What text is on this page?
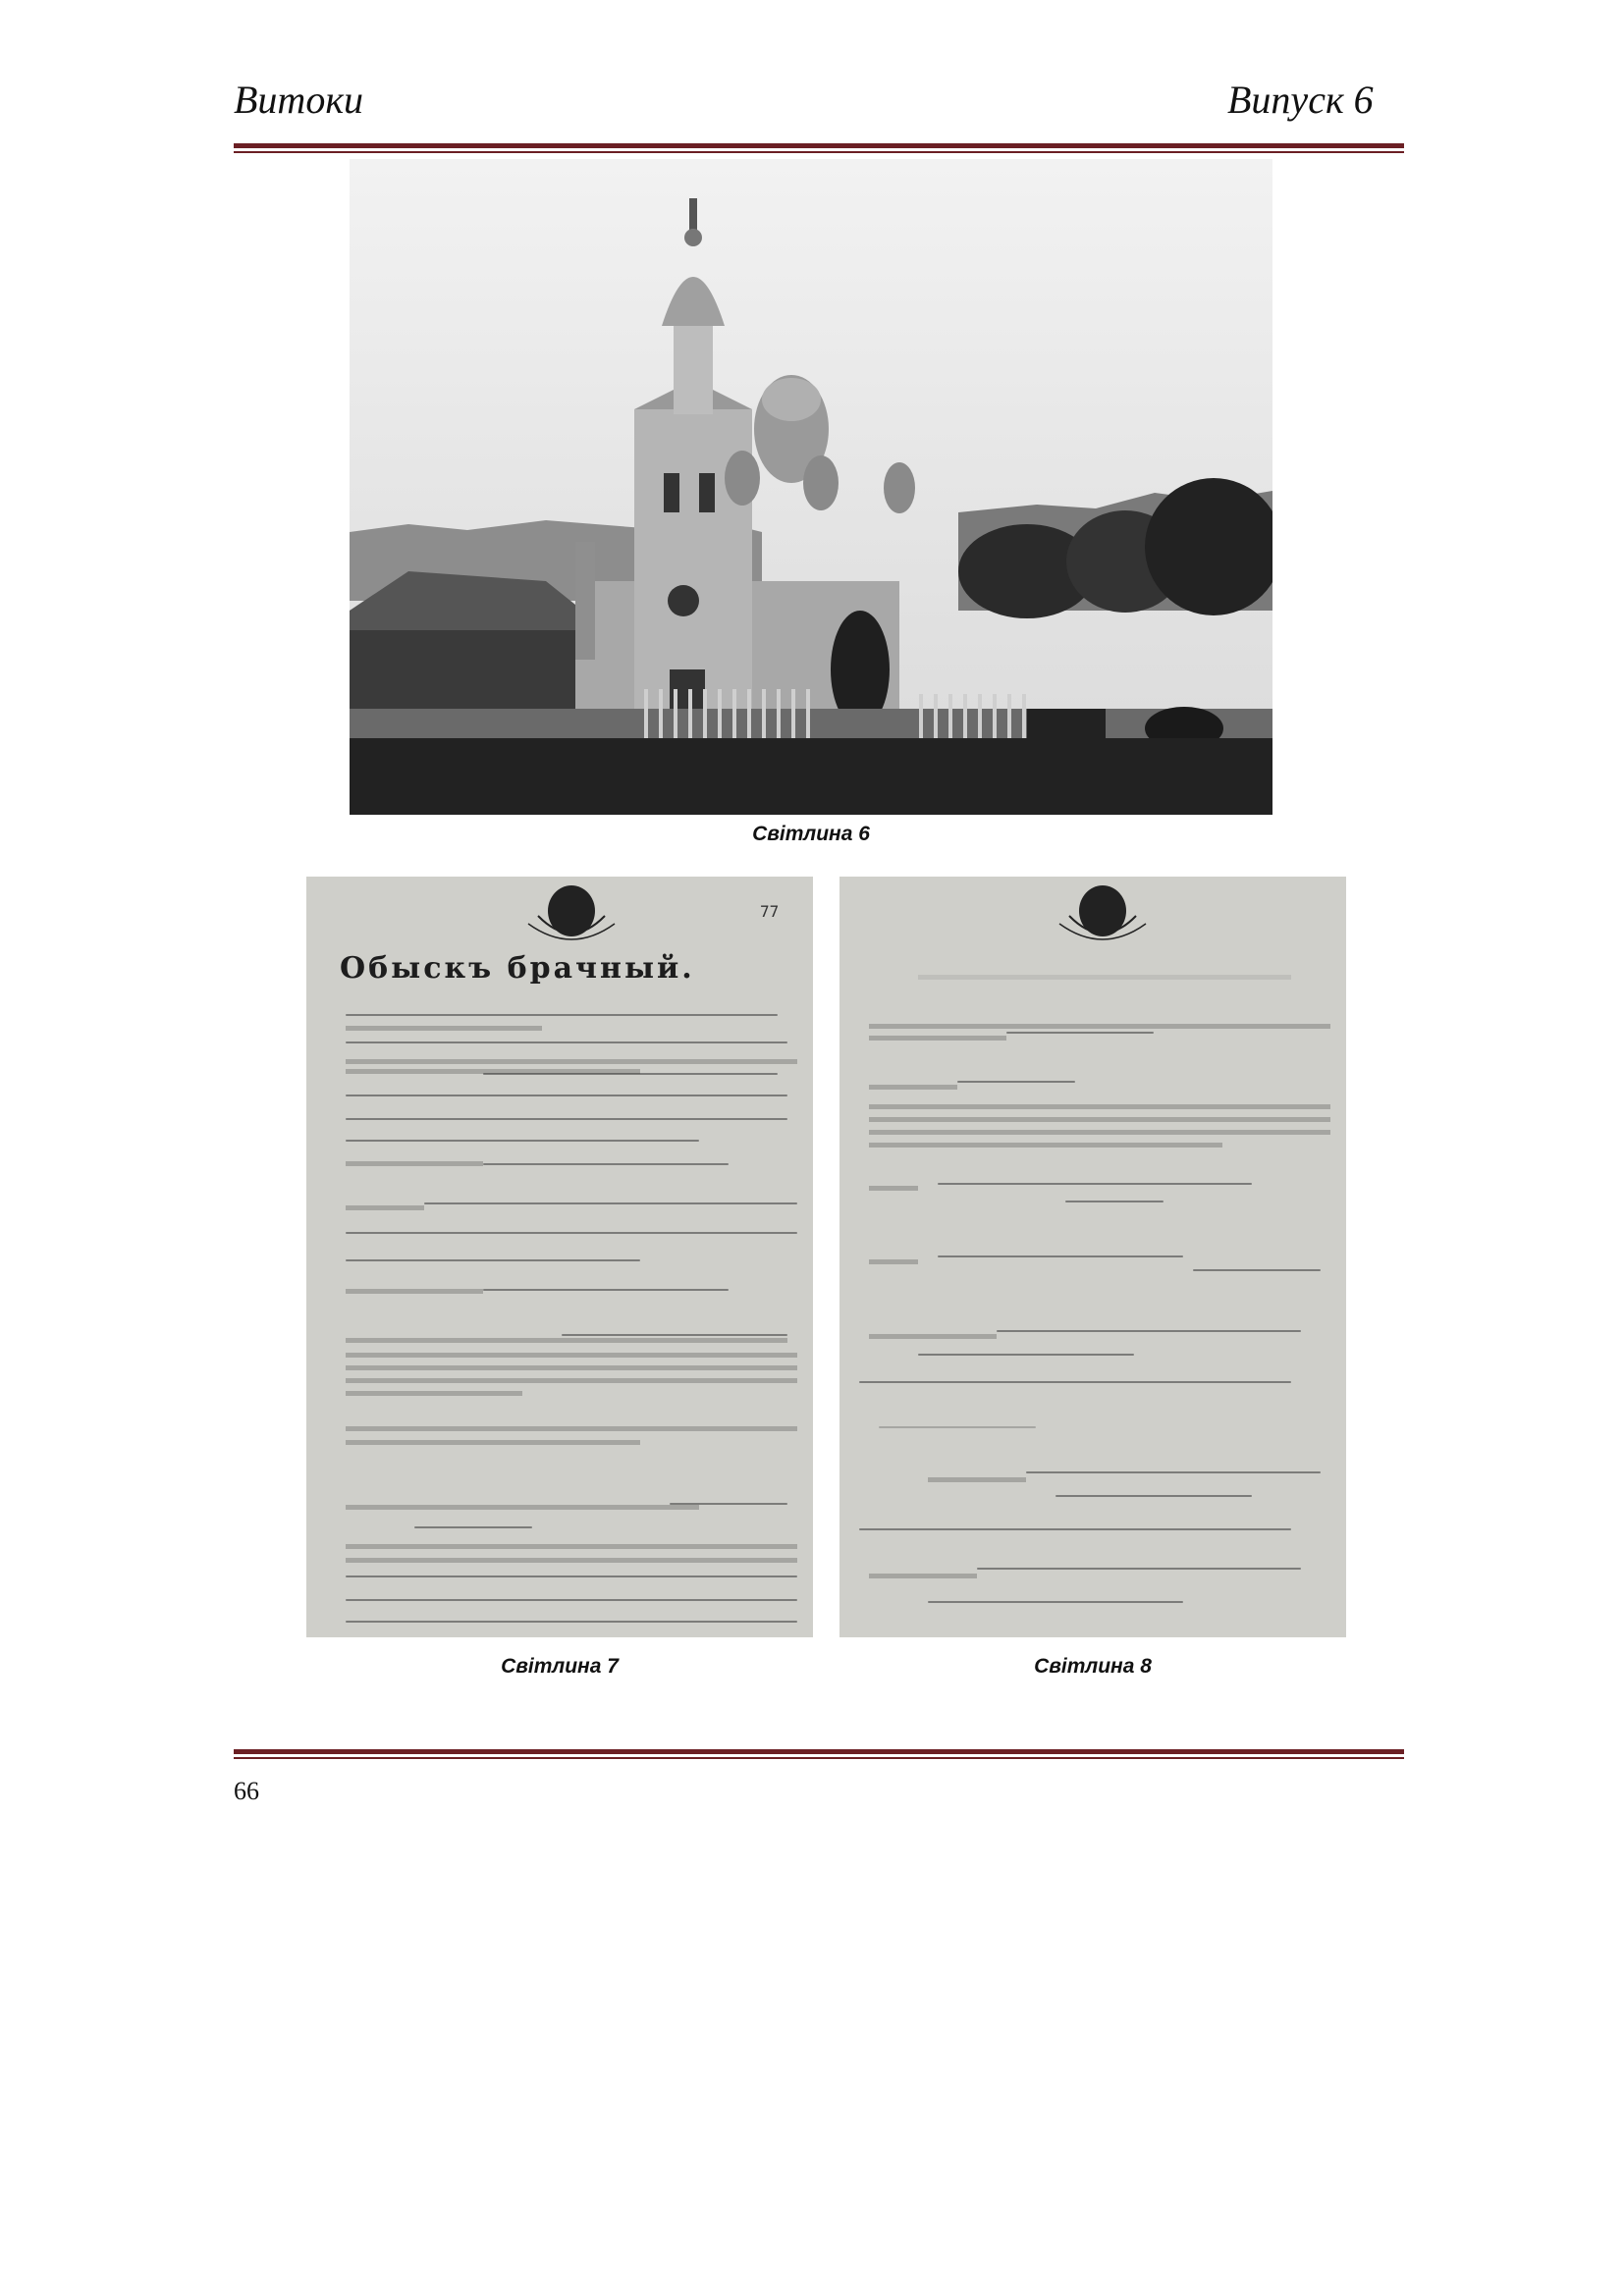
Витоки	Випуск 6
Світлина 6
77
Обыскъ брачный.
Світлина 7	Світлина 8
66
